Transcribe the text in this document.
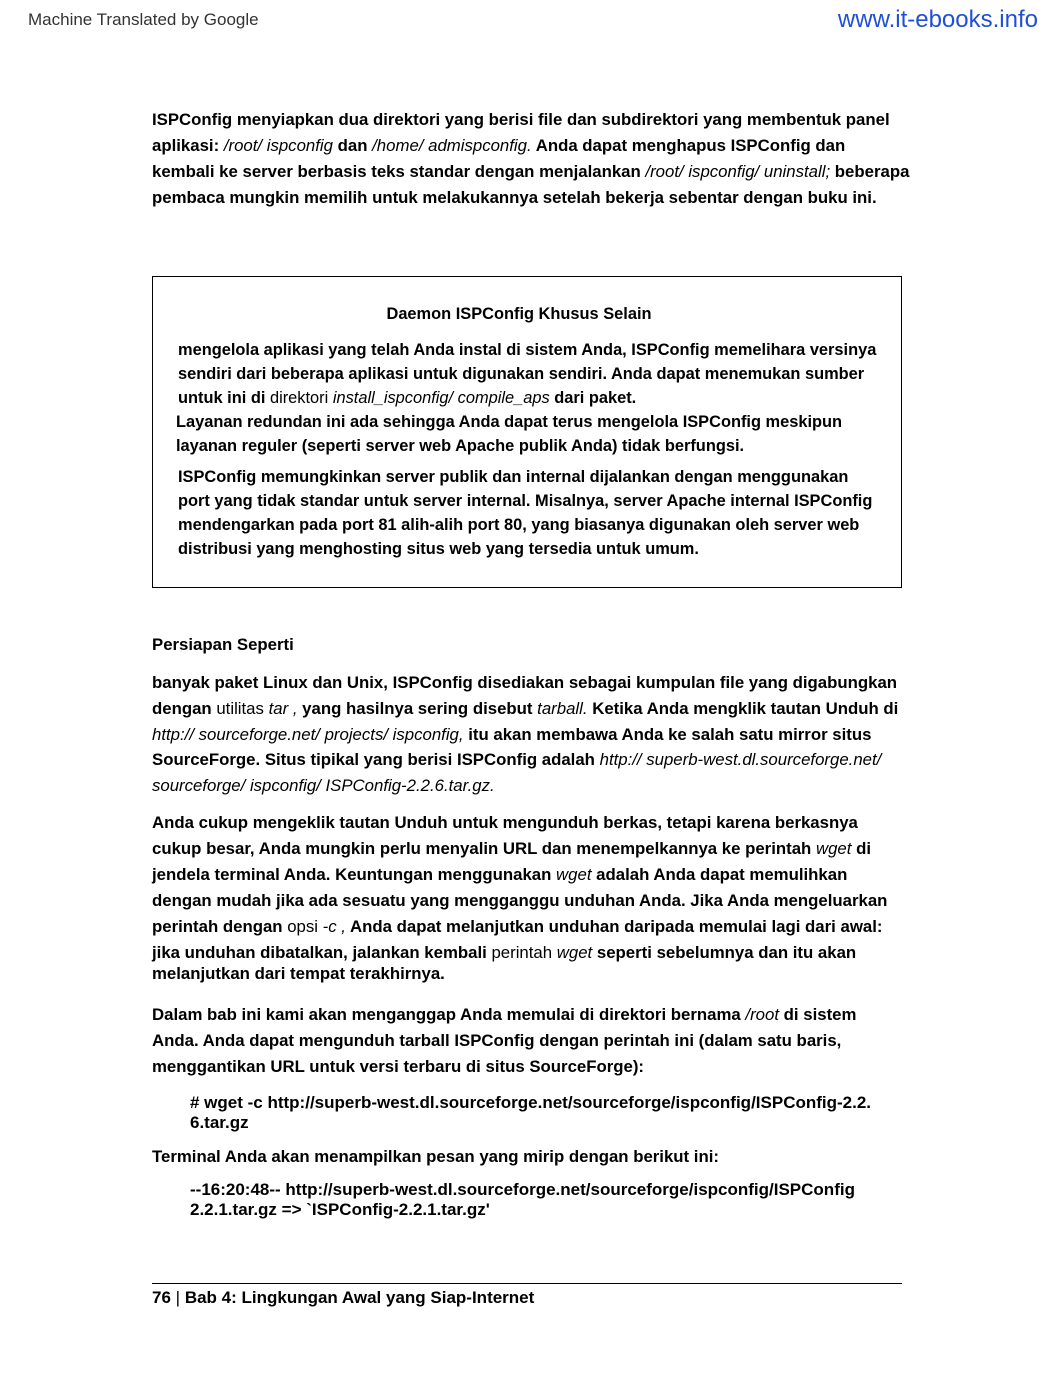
Machine Translated by Google	www.it-ebooks.info
ISPConfig menyiapkan dua direktori yang berisi file dan subdirektori yang membentuk panel
aplikasi: /root/ ispconfig dan /home/ admispconfig. Anda dapat menghapus ISPConfig dan
kembali ke server berbasis teks standar dengan menjalankan /root/ ispconfig/ uninstall; beberapa
pembaca mungkin memilih untuk melakukannya setelah bekerja sebentar dengan buku ini.
Daemon ISPConfig Khusus Selain
mengelola aplikasi yang telah Anda instal di sistem Anda, ISPConfig memelihara versinya
sendiri dari beberapa aplikasi untuk digunakan sendiri. Anda dapat menemukan sumber
untuk ini di direktori install_ispconfig/ compile_aps dari paket.
Layanan redundan ini ada sehingga Anda dapat terus mengelola ISPConfig meskipun
layanan reguler (seperti server web Apache publik Anda) tidak berfungsi.
ISPConfig memungkinkan server publik dan internal dijalankan dengan menggunakan
port yang tidak standar untuk server internal. Misalnya, server Apache internal ISPConfig
mendengarkan pada port 81 alih-alih port 80, yang biasanya digunakan oleh server web
distribusi yang menghosting situs web yang tersedia untuk umum.
Persiapan Seperti
banyak paket Linux dan Unix, ISPConfig disediakan sebagai kumpulan file yang digabungkan
dengan utilitas tar , yang hasilnya sering disebut tarball. Ketika Anda mengklik tautan Unduh di
http:// sourceforge.net/ projects/ ispconfig, itu akan membawa Anda ke salah satu mirror situs
SourceForge. Situs tipikal yang berisi ISPConfig adalah http:// superb-west.dl.sourceforge.net/
sourceforge/ ispconfig/ ISPConfig-2.2.6.tar.gz.
Anda cukup mengeklik tautan Unduh untuk mengunduh berkas, tetapi karena berkasnya
cukup besar, Anda mungkin perlu menyalin URL dan menempelkannya ke perintah wget di
jendela terminal Anda. Keuntungan menggunakan wget adalah Anda dapat memulihkan
dengan mudah jika ada sesuatu yang mengganggu unduhan Anda. Jika Anda mengeluarkan
perintah dengan opsi -c , Anda dapat melanjutkan unduhan daripada memulai lagi dari awal:
jika unduhan dibatalkan, jalankan kembali perintah wget seperti sebelumnya dan itu akan
melanjutkan dari tempat terakhirnya.
Dalam bab ini kami akan menganggap Anda memulai di direktori bernama /root di sistem
Anda. Anda dapat mengunduh tarball ISPConfig dengan perintah ini (dalam satu baris,
menggantikan URL untuk versi terbaru di situs SourceForge):
# wget -c http://superb-west.dl.sourceforge.net/sourceforge/ispconfig/ISPConfig-2.2.
6.tar.gz
Terminal Anda akan menampilkan pesan yang mirip dengan berikut ini:
--16:20:48-- http://superb-west.dl.sourceforge.net/sourceforge/ispconfig/ISPConfig
2.2.1.tar.gz => `ISPConfig-2.2.1.tar.gz'
76 | Bab 4: Lingkungan Awal yang Siap-Internet
